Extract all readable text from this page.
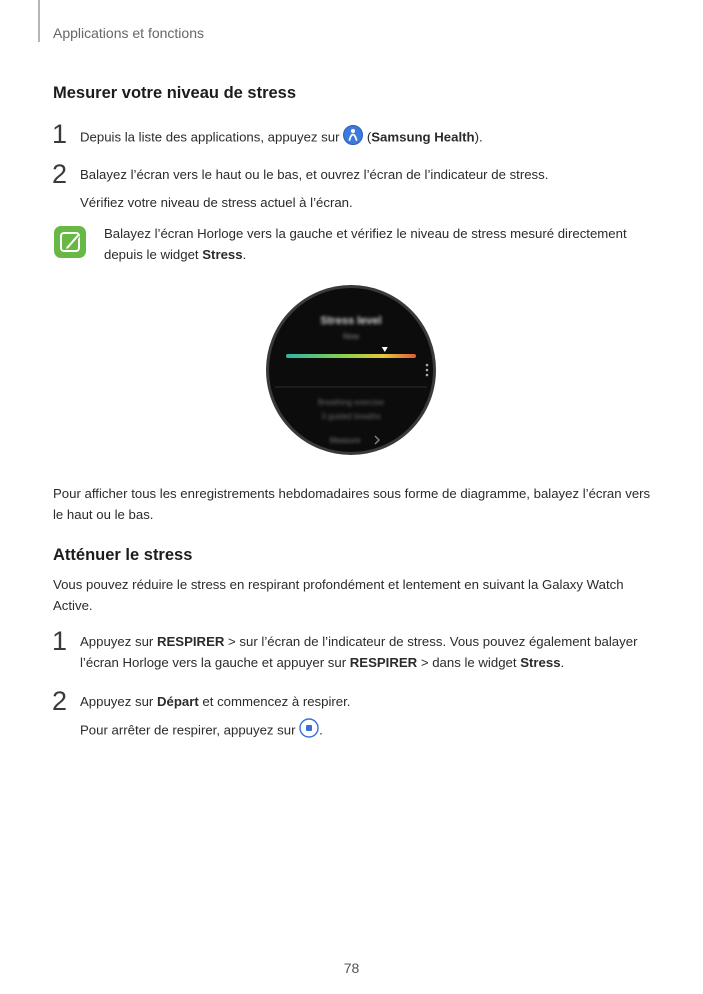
Applications et fonctions
Mesurer votre niveau de stress
1 Depuis la liste des applications, appuyez sur  (Samsung Health).
2 Balayez l’écran vers le haut ou le bas, et ouvrez l’écran de l’indicateur de stress.
Vérifiez votre niveau de stress actuel à l’écran.
Balayez l’écran Horloge vers la gauche et vérifiez le niveau de stress mesuré directement depuis le widget Stress.
Stress level
Now
Breathing exercise
3 guided breaths
Measure
Pour afficher tous les enregistrements hebdomadaires sous forme de diagramme, balayez l’écran vers le haut ou le bas.
Atténuer le stress
Vous pouvez réduire le stress en respirant profondément et lentement en suivant la Galaxy Watch Active.
1 Appuyez sur RESPIRER > sur l’écran de l’indicateur de stress. Vous pouvez également balayer l’écran Horloge vers la gauche et appuyer sur RESPIRER > dans le widget Stress.
2 Appuyez sur Départ et commencez à respirer.
Pour arrêter de respirer, appuyez sur .
78
